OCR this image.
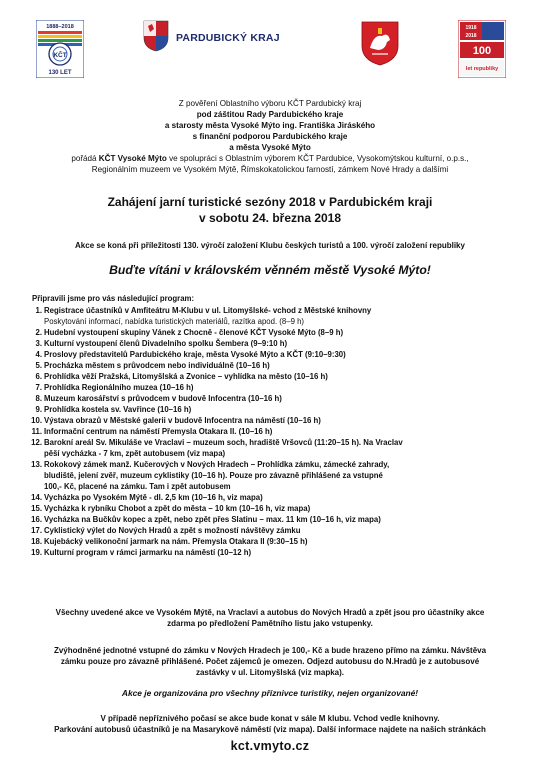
1888–2018
KČT
130 LET
PARDUBICKÝ KRAJ
1918
2018
100
let republiky
Z pověření Oblastního výboru KČT Pardubický kraj
pod záštitou Rady Pardubického kraje
a starosty města Vysoké Mýto ing. Františka Jiráského
s finanční podporou Pardubického kraje
a města Vysoké Mýto
pořádá KČT Vysoké Mýto ve spolupráci s Oblastním výborem KČT Pardubice, Vysokomýtskou kulturní, o.p.s.,
Regionálním muzeem ve Vysokém Mýtě, Římskokatolickou farností, zámkem Nové Hrady a dalšími
Zahájení jarní turistické sezóny 2018 v Pardubickém kraji
v sobotu 24. března 2018
Akce se koná při příležitosti 130. výročí založení Klubu českých turistů a 100. výročí založení republiky
Buďte vítáni v královském věnném městě Vysoké Mýto!
Připravili jsme pro vás následující program:
1. Registrace účastníků v Amfiteátru M-Klubu v ul. Litomyšlské- vchod z Městské knihovny
Poskytování informací, nabídka turistických materiálů, razítka apod. (8–9 h)
2. Hudební vystoupení skupiny Vánek z Chocně - členové KČT Vysoké Mýto (8–9 h)
3. Kulturní vystoupení členů Divadelního spolku Šembera (9–9:10 h)
4. Proslovy představitelů Pardubického kraje, města Vysoké Mýto a KČT (9:10–9:30)
5. Procházka městem s průvodcem nebo individuálně (10–16 h)
6. Prohlídka věží Pražská, Litomyšlská a Zvonice – vyhlídka na město (10–16 h)
7. Prohlídka Regionálního muzea (10–16 h)
8. Muzeum karosářství s průvodcem v budově Infocentra (10–16 h)
9. Prohlídka kostela sv. Vavřince (10–16 h)
10. Výstava obrazů v Městské galerii v budově Infocentra na náměstí (10–16 h)
11. Informační centrum na náměstí Přemysla Otakara II. (10–16 h)
12. Barokní areál Sv. Mikuláše ve Vraclavi – muzeum soch, hradiště Vršovců (11:20–15 h). Na Vraclav
pěší vycházka - 7 km, zpět autobusem (viz mapa)
13. Rokokový zámek manž. Kučerových v Nových Hradech – Prohlídka zámku, zámecké zahrady,
bludiště, jelení zvěř, muzeum cyklistiky (10–16 h). Pouze pro závazně přihlášené za vstupné
100,- Kč, placené na zámku. Tam i zpět autobusem
14. Vycházka po Vysokém Mýtě - dl. 2,5 km (10–16 h, viz mapa)
15. Vycházka k rybníku Chobot a zpět do města – 10 km (10–16 h, viz mapa)
16. Vycházka na Bučkův kopec a zpět, nebo zpět přes Slatinu – max. 11 km (10–16 h, viz mapa)
17. Cyklistický výlet do Nových Hradů a zpět s možností návštěvy zámku
18. Kujebácký velikonoční jarmark na nám. Přemysla Otakara II (9:30–15 h)
19. Kulturní program v rámci jarmarku na náměstí (10–12 h)
Všechny uvedené akce ve Vysokém Mýtě, na Vraclavi a autobus do Nových Hradů a zpět jsou pro účastníky akce
zdarma po předložení Pamětního listu jako vstupenky.
Zvýhodněné jednotné vstupné do zámku v Nových Hradech je 100,- Kč a bude hrazeno přímo na zámku. Návštěva
zámku pouze pro závazně přihlášené. Počet zájemců je omezen. Odjezd autobusu do N.Hradů je z autobusové
zastávky v ul. Litomyšlská (viz mapka).
Akce je organizována pro všechny příznivce turistiky, nejen organizované!
V případě nepříznivého počasí se akce bude konat v sále M klubu. Vchod vedle knihovny.
Parkování autobusů účastníků je na Masarykově náměstí (viz mapa). Další informace najdete na našich stránkách
kct.vmyto.cz
